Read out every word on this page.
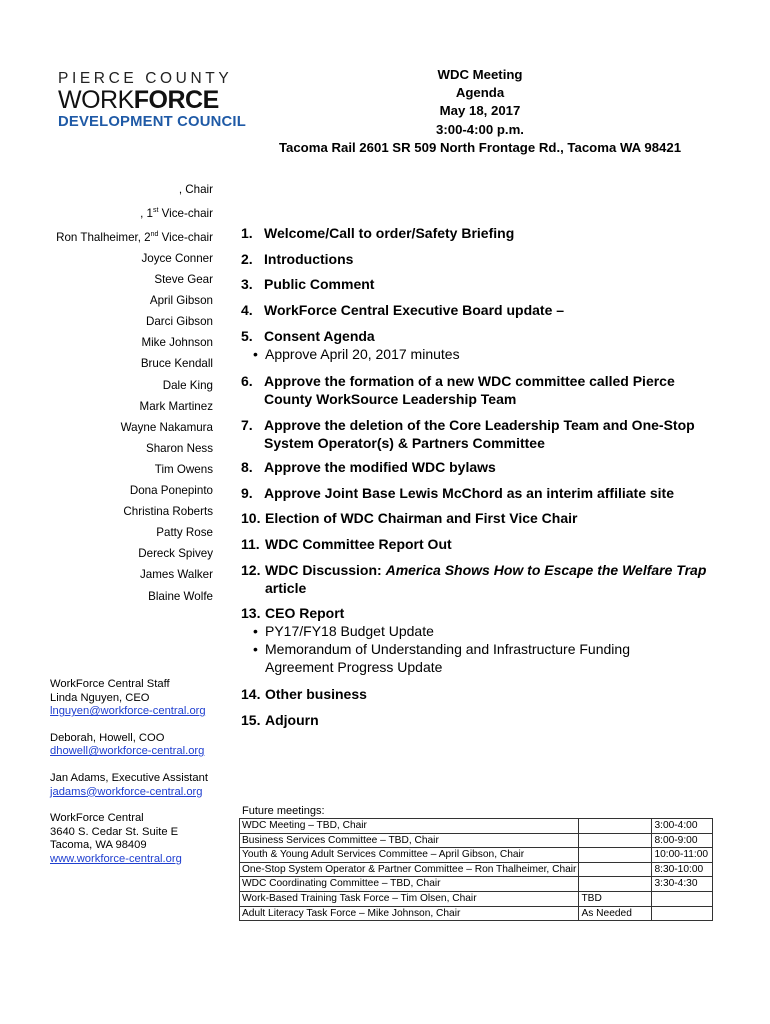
PIERCE COUNTY
WORKFORCE
DEVELOPMENT COUNCIL
WDC Meeting
Agenda
May 18, 2017
3:00-4:00 p.m.
Tacoma Rail 2601 SR 509 North Frontage Rd., Tacoma WA 98421
, Chair
, 1st Vice-chair
Ron Thalheimer, 2nd Vice-chair
Joyce Conner
Steve Gear
April Gibson
Darci Gibson
Mike Johnson
Bruce Kendall
Dale King
Mark Martinez
Wayne Nakamura
Sharon Ness
Tim Owens
Dona Ponepinto
Christina Roberts
Patty Rose
Dereck Spivey
James Walker
Blaine Wolfe
1. Welcome/Call to order/Safety Briefing
2. Introductions
3. Public Comment
4. WorkForce Central Executive Board update –
5. Consent Agenda
• Approve April 20, 2017 minutes
6. Approve the formation of a new WDC committee called Pierce County WorkSource Leadership Team
7. Approve the deletion of the Core Leadership Team and One-Stop System Operator(s) & Partners Committee
8. Approve the modified WDC bylaws
9. Approve Joint Base Lewis McChord as an interim affiliate site
10. Election of WDC Chairman and First Vice Chair
11. WDC Committee Report Out
12. WDC Discussion: America Shows How to Escape the Welfare Trap article
13. CEO Report
• PY17/FY18 Budget Update
• Memorandum of Understanding and Infrastructure Funding Agreement Progress Update
14. Other business
15. Adjourn
WorkForce Central Staff
Linda Nguyen, CEO
lnguyen@workforce-central.org
Deborah, Howell, COO
dhowell@workforce-central.org
Jan Adams, Executive Assistant
jadams@workforce-central.org
WorkForce Central
3640 S. Cedar St. Suite E
Tacoma, WA 98409
www.workforce-central.org
Future meetings:
WDC Meeting – TBD, Chair		3:00-4:00
Business Services Committee – TBD, Chair		8:00-9:00
Youth & Young Adult Services Committee – April Gibson, Chair		10:00-11:00
One-Stop System Operator & Partner Committee – Ron Thalheimer, Chair		8:30-10:00
WDC Coordinating Committee – TBD, Chair		3:30-4:30
Work-Based Training Task Force – Tim Olsen, Chair	TBD	
Adult Literacy Task Force – Mike Johnson, Chair	As Needed	
